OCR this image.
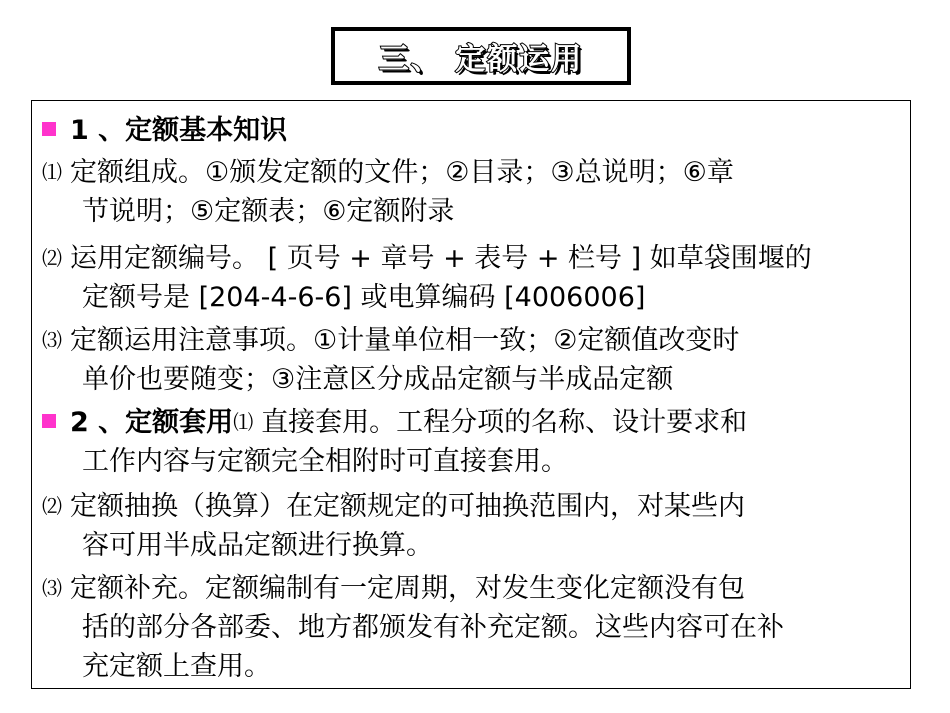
三、 定额运用
1 、定额基本知识
⑴ 定额组成。①颁发定额的文件；②目录；③总说明；⑥章
节说明；⑤定额表；⑥定额附录
⑵ 运用定额编号。 [ 页号 + 章号 + 表号 + 栏号 ] 如草袋围堰的
定额号是 [204-4-6-6] 或电算编码 [4006006]
⑶ 定额运用注意事项。①计量单位相一致；②定额值改变时
单价也要随变；③注意区分成品定额与半成品定额
2 、定额套用⑴ 直接套用。工程分项的名称、设计要求和
工作内容与定额完全相附时可直接套用。
⑵ 定额抽换（换算）在定额规定的可抽换范围内，对某些内
容可用半成品定额进行换算。
⑶ 定额补充。定额编制有一定周期，对发生变化定额没有包
括的部分各部委、地方都颁发有补充定额。这些内容可在补
充定额上查用。
